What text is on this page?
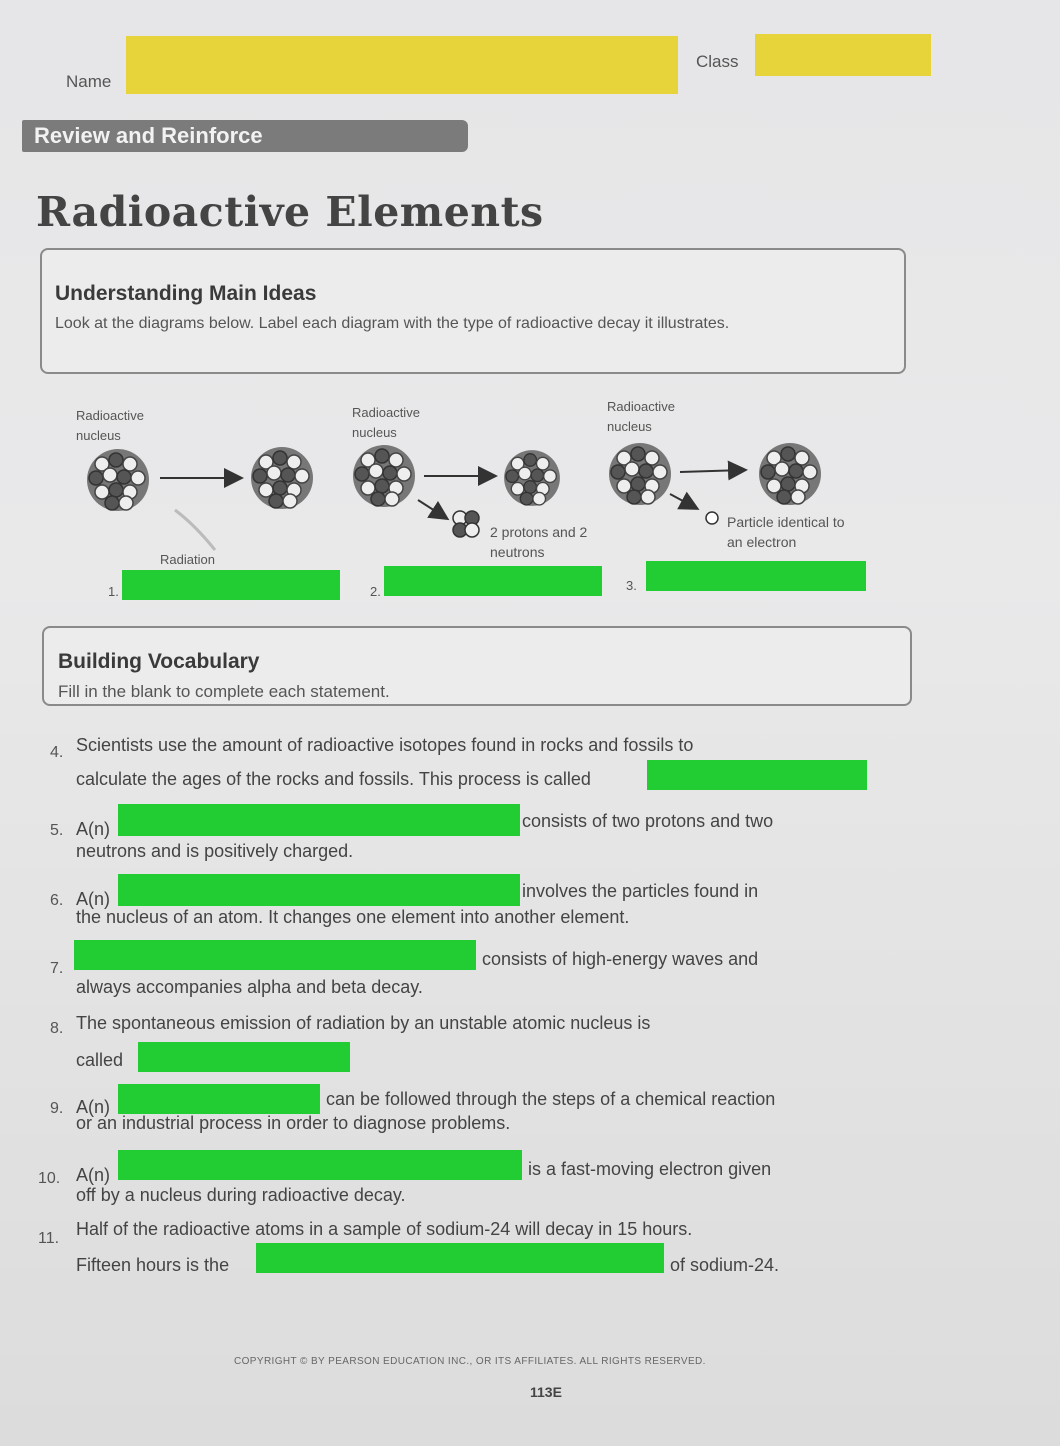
Name
Class
Review and Reinforce
Radioactive Elements
Understanding Main Ideas
Look at the diagrams below. Label each diagram with the type of radioactive decay it illustrates.
Radioactive nucleus
Radiation
Radioactive nucleus
2 protons and 2 neutrons
Radioactive nucleus
Particle identical to an electron
1.	2.	3.
Building Vocabulary
Fill in the blank to complete each statement.
4. Scientists use the amount of radioactive isotopes found in rocks and fossils to
calculate the ages of the rocks and fossils. This process is called
5. A(n)	consists of two protons and two
neutrons and is positively charged.
6. A(n)	involves the particles found in
the nucleus of an atom. It changes one element into another element.
7.	consists of high-energy waves and
always accompanies alpha and beta decay.
8. The spontaneous emission of radiation by an unstable atomic nucleus is
called
9. A(n)	can be followed through the steps of a chemical reaction
or an industrial process in order to diagnose problems.
10. A(n)	is a fast-moving electron given
off by a nucleus during radioactive decay.
11. Half of the radioactive atoms in a sample of sodium-24 will decay in 15 hours.
Fifteen hours is the	of sodium-24.
COPYRIGHT © BY PEARSON EDUCATION INC., OR ITS AFFILIATES. ALL RIGHTS RESERVED.
113E
